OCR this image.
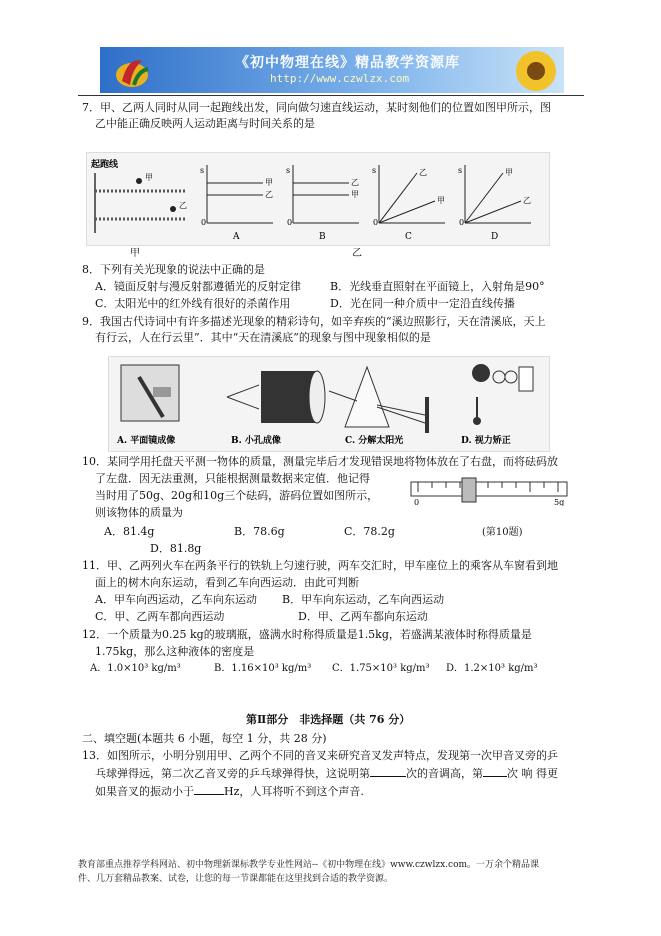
《初中物理在线》精品教学资源库
http://www.czwlzx.com
7．甲、乙两人同时从同一起跑线出发，同向做匀速直线运动，某时刻他们的位置如图甲所示，图
乙中能正确反映两人运动距离与时间关系的是
起跑线
甲
乙
s
0
甲
乙
A
s
0
乙
甲
B
s
0
乙
甲
C
s
0
甲
乙
D
甲	乙
8．下列有关光现象的说法中正确的是
A．镜面反射与漫反射都遵循光的反射定律	B．光线垂直照射在平面镜上，入射角是90°
C．太阳光中的红外线有很好的杀菌作用	D．光在同一种介质中一定沿直线传播
9．我国古代诗词中有许多描述光现象的精彩诗句，如辛弃疾的“溪边照影行，天在清溪底，天上
有行云，人在行云里”．其中“天在清溪底”的现象与图中现象相似的是
A. 平面镜成像	B. 小孔成像	C. 分解太阳光	D. 视力矫正
10．某同学用托盘天平测一物体的质量，测量完毕后才发现错误地将物体放在了右盘，而将砝码放
了左盘．因无法重测，只能根据测量数据来定值．他记得
当时用了50g、20g和10g三个砝码，游码位置如图所示，
则该物体的质量为
0	5g
(第10题)
A．81.4g	B．78.6g	C．78.2g
D．81.8g
11．甲、乙两列火车在两条平行的铁轨上匀速行驶，两车交汇时，甲车座位上的乘客从车窗看到地
面上的树木向东运动，看到乙车向西运动．由此可判断
A．甲车向西运动，乙车向东运动 B．甲车向东运动，乙车向西运动
C．甲、乙两车都向西运动	D．甲、乙两车都向东运动
12．一个质量为0.25 kg的玻璃瓶，盛满水时称得质量是1.5kg，若盛满某液体时称得质量是
1.75kg，那么这种液体的密度是
A．1.0×10³ kg/m³	B．1.16×10³ kg/m³ C．1.75×10³ kg/m³ D．1.2×10³ kg/m³
第Ⅱ部分　非选择题（共 76 分）
二、填空题(本题共 6 小题，每空 1 分，共 28 分)
13．如图所示，小明分别用甲、乙两个不同的音叉来研究音叉发声特点，发现第一次甲音叉旁的乒
乓球弹得远，第二次乙音叉旁的乒乓球弹得快，这说明第	次的音调高，第 次 响 得更
如果音叉的振动小于	Hz，人耳将听不到这个声音.
教育部重点推荐学科网站、初中物理新课标教学专业性网站--《初中物理在线》www.czwlzx.com。一万余个精品课
件、几万套精品教案、试卷，让您的每一节课都能在这里找到合适的教学资源。
